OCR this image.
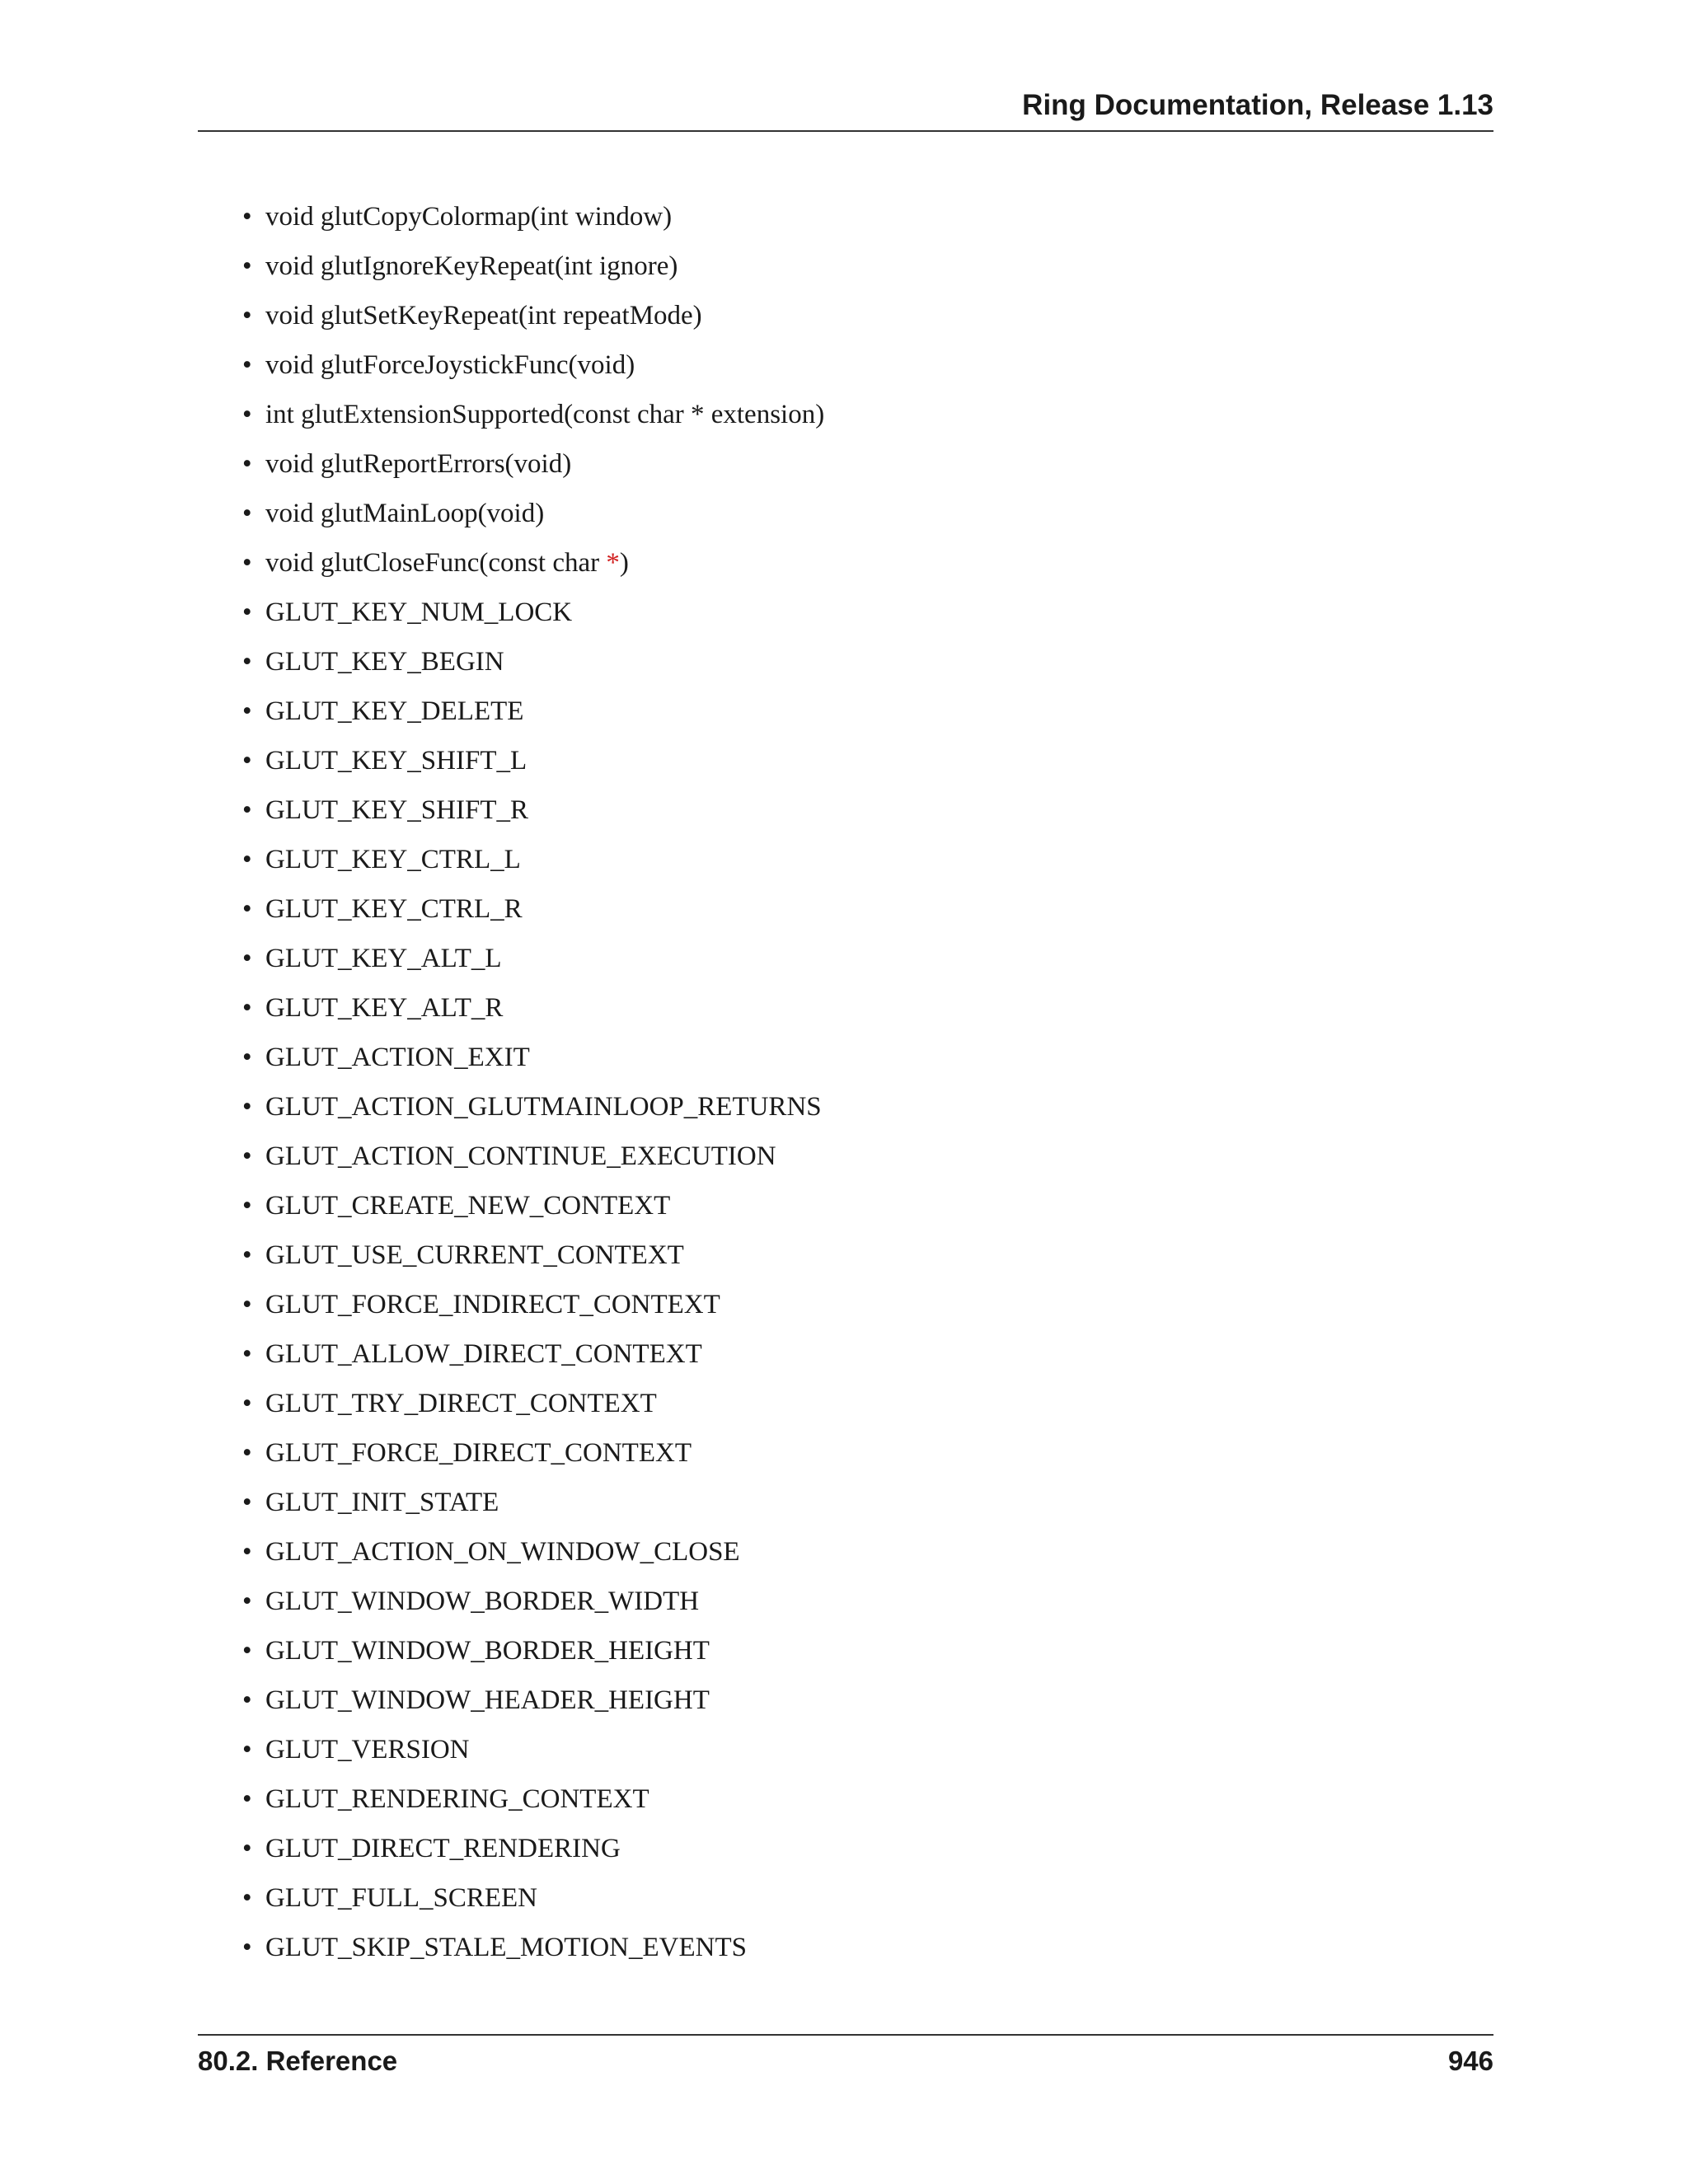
Ring Documentation, Release 1.13
• void glutCopyColormap(int window)
• void glutIgnoreKeyRepeat(int ignore)
• void glutSetKeyRepeat(int repeatMode)
• void glutForceJoystickFunc(void)
• int glutExtensionSupported(const char * extension)
• void glutReportErrors(void)
• void glutMainLoop(void)
• void glutCloseFunc(const char *)
• GLUT_KEY_NUM_LOCK
• GLUT_KEY_BEGIN
• GLUT_KEY_DELETE
• GLUT_KEY_SHIFT_L
• GLUT_KEY_SHIFT_R
• GLUT_KEY_CTRL_L
• GLUT_KEY_CTRL_R
• GLUT_KEY_ALT_L
• GLUT_KEY_ALT_R
• GLUT_ACTION_EXIT
• GLUT_ACTION_GLUTMAINLOOP_RETURNS
• GLUT_ACTION_CONTINUE_EXECUTION
• GLUT_CREATE_NEW_CONTEXT
• GLUT_USE_CURRENT_CONTEXT
• GLUT_FORCE_INDIRECT_CONTEXT
• GLUT_ALLOW_DIRECT_CONTEXT
• GLUT_TRY_DIRECT_CONTEXT
• GLUT_FORCE_DIRECT_CONTEXT
• GLUT_INIT_STATE
• GLUT_ACTION_ON_WINDOW_CLOSE
• GLUT_WINDOW_BORDER_WIDTH
• GLUT_WINDOW_BORDER_HEIGHT
• GLUT_WINDOW_HEADER_HEIGHT
• GLUT_VERSION
• GLUT_RENDERING_CONTEXT
• GLUT_DIRECT_RENDERING
• GLUT_FULL_SCREEN
• GLUT_SKIP_STALE_MOTION_EVENTS
80.2. Reference	946
